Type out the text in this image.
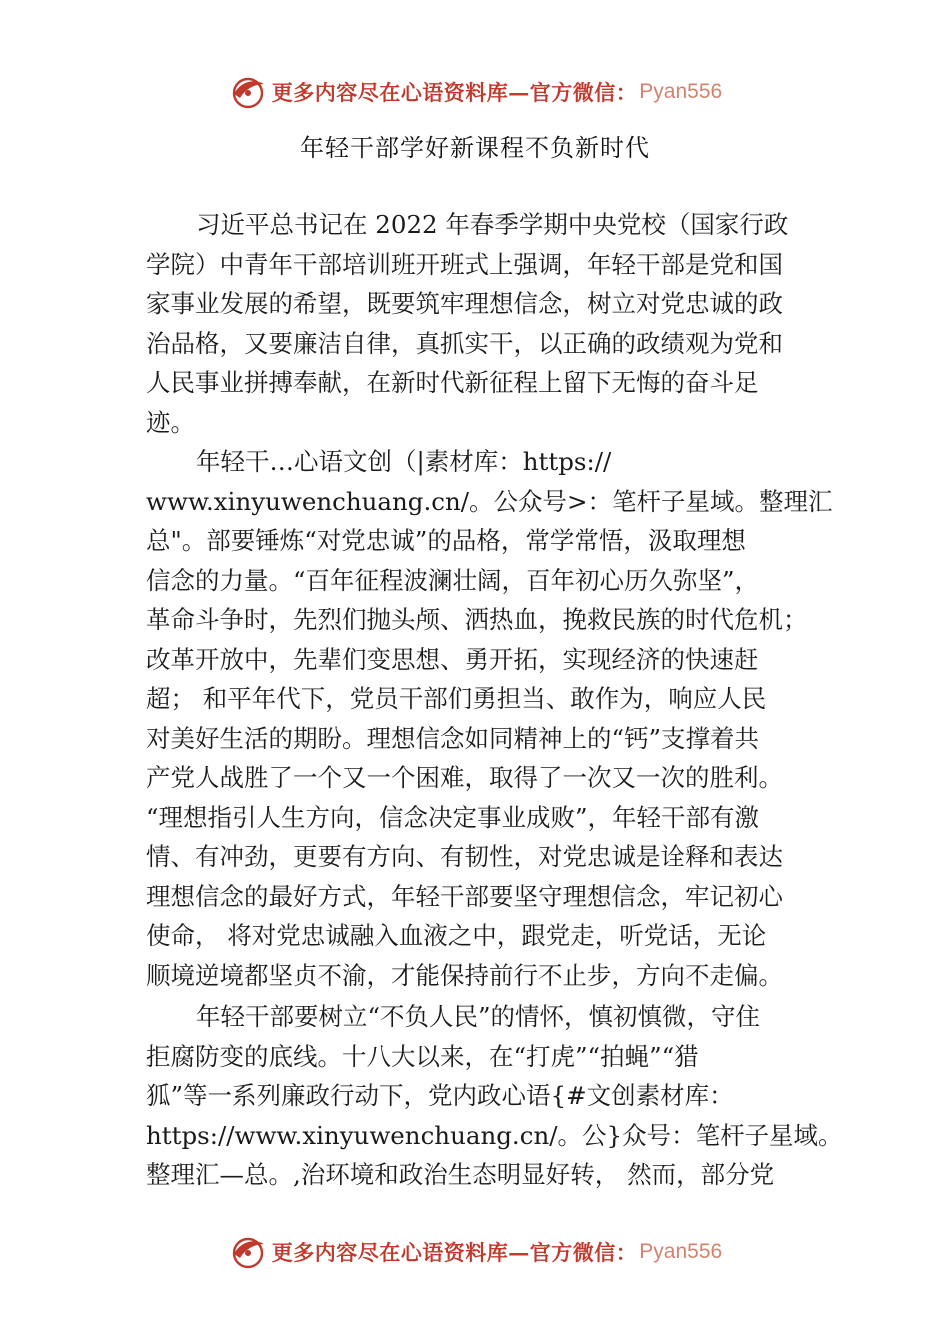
更多内容尽在心语资料库—官方微信： Pyan556
年轻干部学好新课程不负新时代
习近平总书记在 2022 年春季学期中央党校（国家行政
学院）中青年干部培训班开班式上强调，年轻干部是党和国
家事业发展的希望，既要筑牢理想信念，树立对党忠诚的政
治品格，又要廉洁自律，真抓实干，以正确的政绩观为党和
人民事业拼搏奉献，在新时代新征程上留下无悔的奋斗足
迹。
年轻干…心语文创（|素材库：https://
www.xinyuwenchuang.cn/。公众号>：笔杆子星域。整理汇
总"。部要锤炼“对党忠诚”的品格，常学常悟，汲取理想
信念的力量。“百年征程波澜壮阔，百年初心历久弥坚”，
革命斗争时，先烈们抛头颅、洒热血，挽救民族的时代危机；
改革开放中，先辈们变思想、勇开拓，实现经济的快速赶
超； 和平年代下，党员干部们勇担当、敢作为，响应人民
对美好生活的期盼。理想信念如同精神上的“钙”支撑着共
产党人战胜了一个又一个困难，取得了一次又一次的胜利。
“理想指引人生方向，信念决定事业成败”，年轻干部有激
情、有冲劲，更要有方向、有韧性，对党忠诚是诠释和表达
理想信念的最好方式，年轻干部要坚守理想信念，牢记初心
使命， 将对党忠诚融入血液之中，跟党走，听党话，无论
顺境逆境都坚贞不渝，才能保持前行不止步，方向不走偏。
年轻干部要树立“不负人民”的情怀，慎初慎微，守住
拒腐防变的底线。十八大以来，在“打虎”“拍蝇”“猎
狐”等一系列廉政行动下，党内政心语{#文创素材库：
https://www.xinyuwenchuang.cn/。公}众号：笔杆子星域。
整理汇—总。,治环境和政治生态明显好转， 然而，部分党
更多内容尽在心语资料库—官方微信： Pyan556
